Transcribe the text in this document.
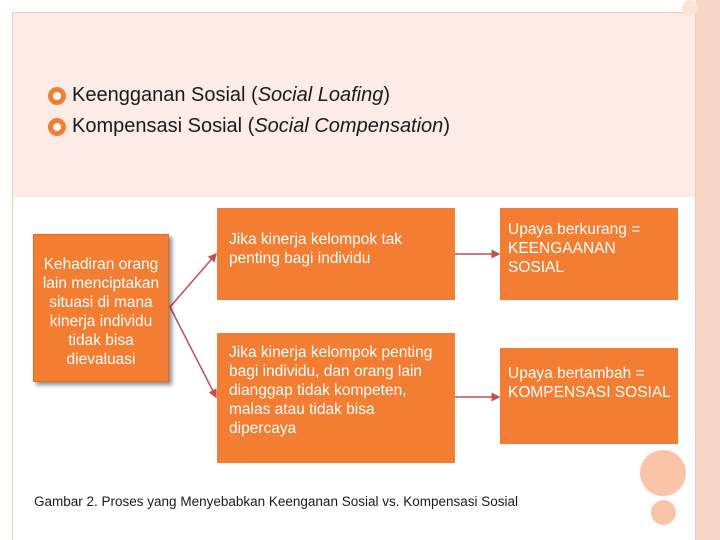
Keengganan Sosial (Social Loafing)
Kompensasi Sosial (Social Compensation)
Kehadiran orang lain menciptakan situasi di mana kinerja individu tidak bisa dievaluasi
Jika kinerja kelompok tak penting bagi individu
Jika kinerja kelompok penting bagi individu, dan orang lain dianggap tidak kompeten, malas atau tidak bisa dipercaya
Upaya berkurang = KEENGAANAN SOSIAL
Upaya bertambah = KOMPENSASI SOSIAL
Gambar 2. Proses yang Menyebabkan Keenganan Sosial vs. Kompensasi Sosial
